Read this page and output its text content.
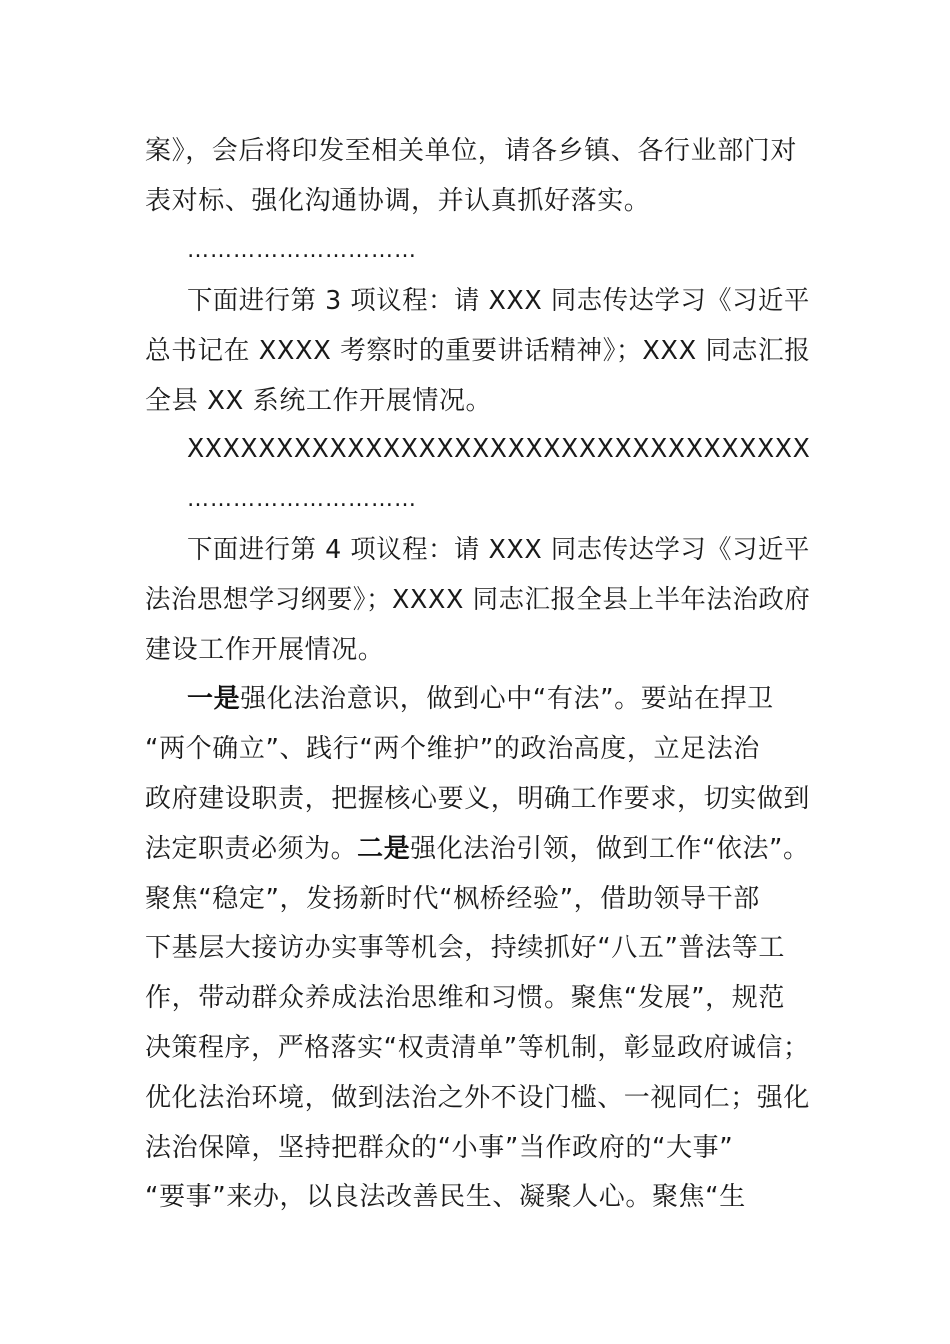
案》，会后将印发至相关单位，请各乡镇、各行业部门对
表对标、强化沟通协调，并认真抓好落实。
…………………………
下面进行第 3 项议程：请 XXX 同志传达学习《习近平
总书记在 XXXX 考察时的重要讲话精神》；XXX 同志汇报
全县 XX 系统工作开展情况。
XXXXXXXXXXXXXXXXXXXXXXXXXXXXXXXXXXX
…………………………
下面进行第 4 项议程：请 XXX 同志传达学习《习近平
法治思想学习纲要》；XXXX 同志汇报全县上半年法治政府
建设工作开展情况。
一是强化法治意识，做到心中“有法”。要站在捍卫
“两个确立”、践行“两个维护”的政治高度，立足法治
政府建设职责，把握核心要义，明确工作要求，切实做到
法定职责必须为。二是强化法治引领，做到工作“依法”。
聚焦“稳定”，发扬新时代“枫桥经验”，借助领导干部
下基层大接访办实事等机会，持续抓好“八五”普法等工
作，带动群众养成法治思维和习惯。聚焦“发展”，规范
决策程序，严格落实“权责清单”等机制，彰显政府诚信；
优化法治环境，做到法治之外不设门槛、一视同仁；强化
法治保障，坚持把群众的“小事”当作政府的“大事”
“要事”来办，以良法改善民生、凝聚人心。聚焦“生
